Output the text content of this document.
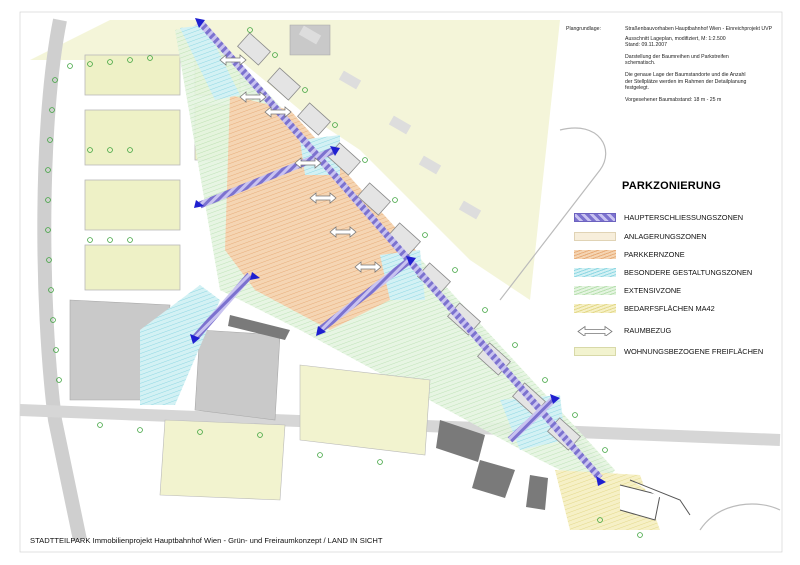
Plangrundlage:	Straßenbauvorhaben Hauptbahnhof Wien - Einreichprojekt UVP
Ausschnitt Lageplan, modifiziert, M: 1:2.500
Stand: 09.11.2007
Darstellung der Baumreihen und Parkstreifen
schematisch.
Die genaue Lage der Baumstandorte und die Anzahl
der Stellplätze werden im Rahmen der Detailplanung
festgelegt.
Vorgesehener Baumabstand: 18 m - 25 m
PARKZONIERUNG
HAUPTERSCHLIESSUNGSZONEN
ANLAGERUNGSZONEN
PARKKERNZONE
BESONDERE GESTALTUNGSZONEN
EXTENSIVZONE
BEDARFSFLÄCHEN MA42
RAUMBEZUG
WOHNUNGSBEZOGENE FREIFLÄCHEN
STADTTEILPARK Immobilienprojekt Hauptbahnhof Wien - Grün- und Freiraumkonzept / LAND IN SICHT
